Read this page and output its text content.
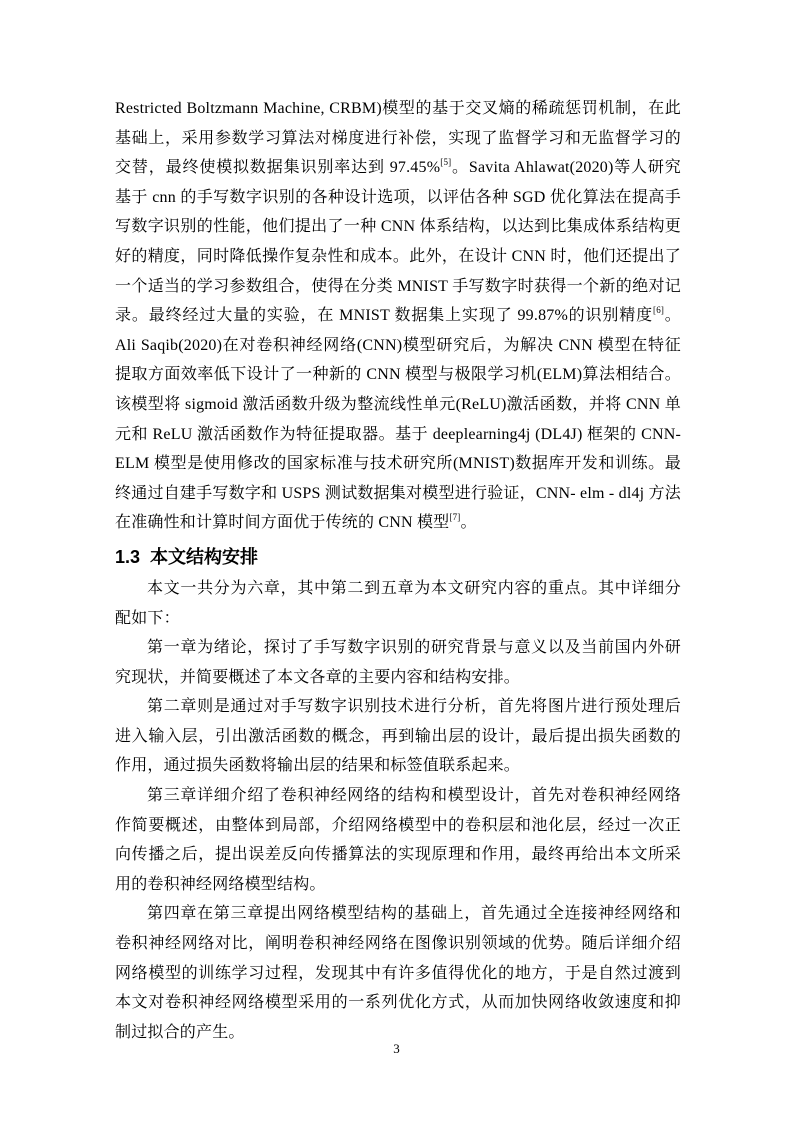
Restricted Boltzmann Machine, CRBM)模型的基于交叉熵的稀疏惩罚机制，在此基础上，采用参数学习算法对梯度进行补偿，实现了监督学习和无监督学习的交替，最终使模拟数据集识别率达到 97.45%[5]。Savita Ahlawat(2020)等人研究基于 cnn 的手写数字识别的各种设计选项，以评估各种 SGD 优化算法在提高手写数字识别的性能，他们提出了一种 CNN 体系结构，以达到比集成体系结构更好的精度，同时降低操作复杂性和成本。此外，在设计 CNN 时，他们还提出了一个适当的学习参数组合，使得在分类 MNIST 手写数字时获得一个新的绝对记录。最终经过大量的实验，在 MNIST 数据集上实现了 99.87%的识别精度[6]。Ali Saqib(2020)在对卷积神经网络(CNN)模型研究后，为解决 CNN 模型在特征提取方面效率低下设计了一种新的 CNN 模型与极限学习机(ELM)算法相结合。该模型将 sigmoid 激活函数升级为整流线性单元(ReLU)激活函数，并将 CNN 单元和 ReLU 激活函数作为特征提取器。基于 deeplearning4j (DL4J) 框架的 CNN-ELM 模型是使用修改的国家标准与技术研究所(MNIST)数据库开发和训练。最终通过自建手写数字和 USPS 测试数据集对模型进行验证，CNN- elm - dl4j 方法在准确性和计算时间方面优于传统的 CNN 模型[7]。

1.3 本文结构安排

本文一共分为六章，其中第二到五章为本文研究内容的重点。其中详细分配如下：

第一章为绪论，探讨了手写数字识别的研究背景与意义以及当前国内外研究现状，并简要概述了本文各章的主要内容和结构安排。

第二章则是通过对手写数字识别技术进行分析，首先将图片进行预处理后进入输入层，引出激活函数的概念，再到输出层的设计，最后提出损失函数的作用，通过损失函数将输出层的结果和标签值联系起来。

第三章详细介绍了卷积神经网络的结构和模型设计，首先对卷积神经网络作简要概述，由整体到局部，介绍网络模型中的卷积层和池化层，经过一次正向传播之后，提出误差反向传播算法的实现原理和作用，最终再给出本文所采用的卷积神经网络模型结构。

第四章在第三章提出网络模型结构的基础上，首先通过全连接神经网络和卷积神经网络对比，阐明卷积神经网络在图像识别领域的优势。随后详细介绍网络模型的训练学习过程，发现其中有许多值得优化的地方，于是自然过渡到本文对卷积神经网络模型采用的一系列优化方式，从而加快网络收敛速度和抑制过拟合的产生。

3
